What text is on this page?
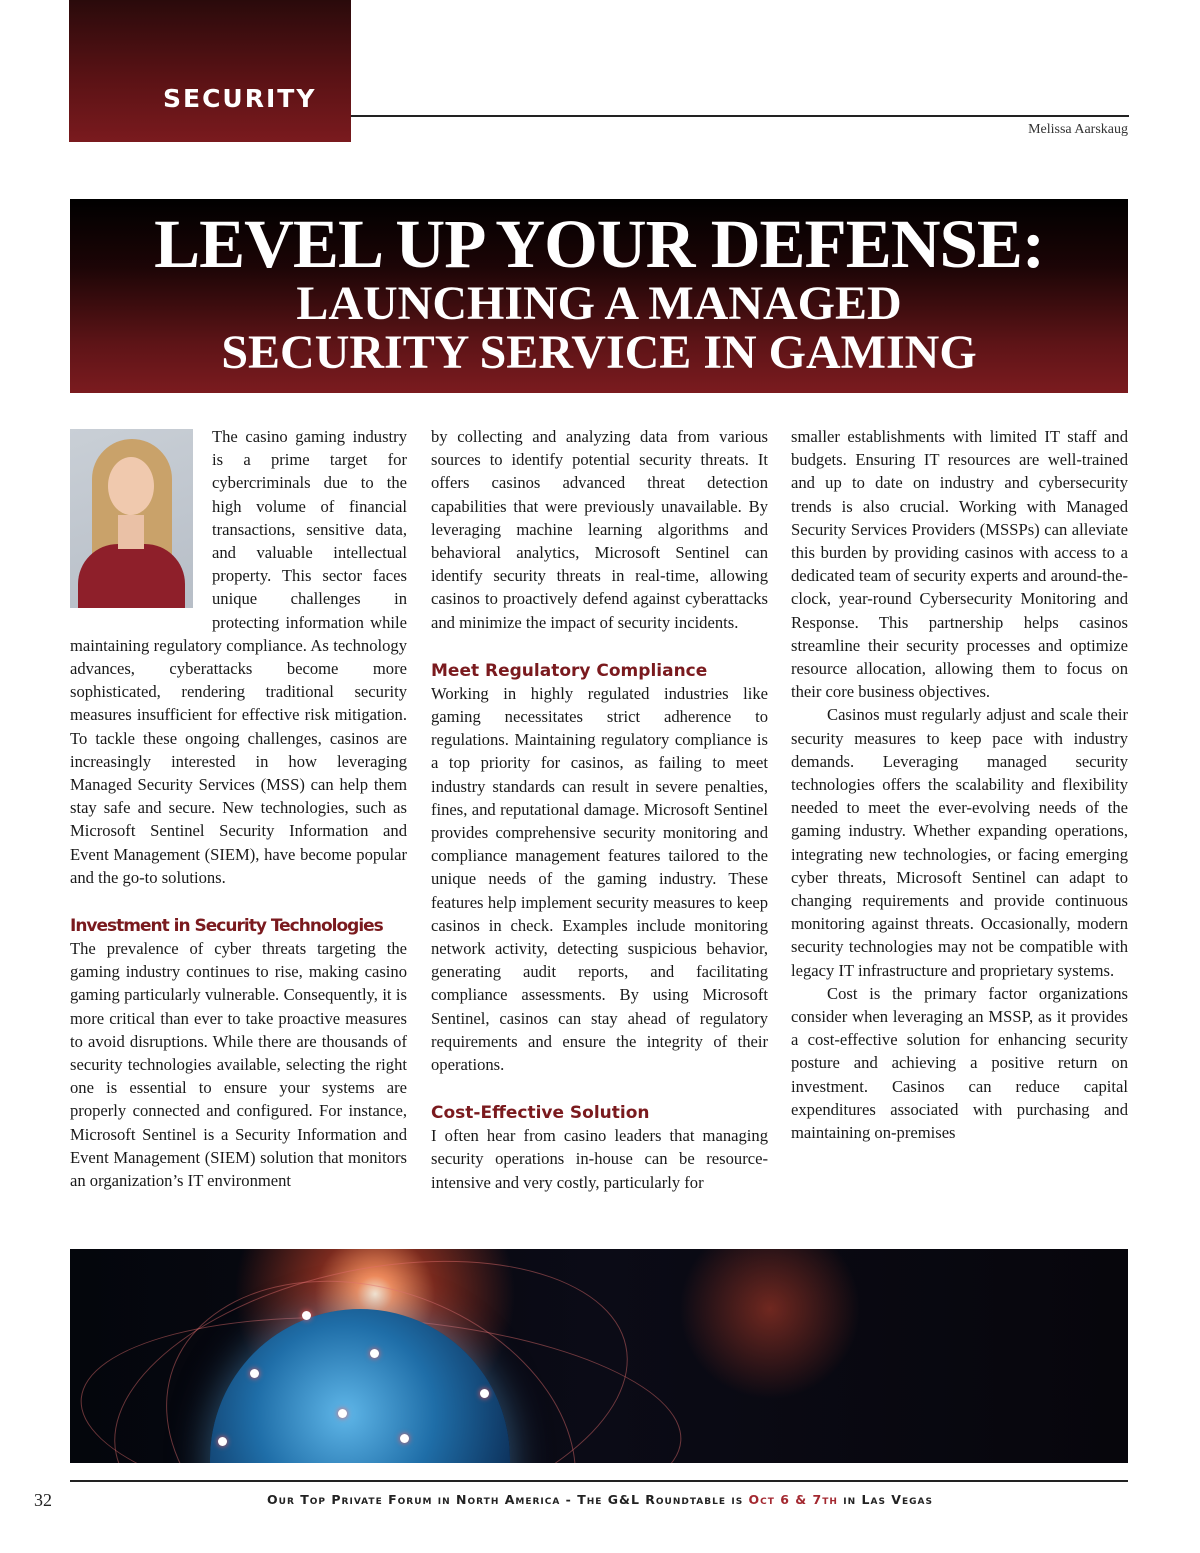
SECURITY
Melissa Aarskaug
LEVEL UP YOUR DEFENSE:
LAUNCHING A MANAGED
SECURITY SERVICE IN GAMING

The casino gaming industry is a prime target for cybercriminals due to the high volume of financial transactions, sensitive data, and valuable intellectual property. This sector faces unique challenges in protecting information while maintaining regulatory compliance. As technology advances, cyberattacks become more sophisticated, rendering traditional security measures insufficient for effective risk mitigation. To tackle these ongoing challenges, casinos are increasingly interested in how leveraging Managed Security Services (MSS) can help them stay safe and secure. New technologies, such as Microsoft Sentinel Security Information and Event Management (SIEM), have become popular and the go-to solutions.

Investment in Security Technologies

The prevalence of cyber threats targeting the gaming industry continues to rise, making casino gaming particularly vulnerable. Consequently, it is more critical than ever to take proactive measures to avoid disruptions. While there are thousands of security technologies available, selecting the right one is essential to ensure your systems are properly connected and configured. For instance, Microsoft Sentinel is a Security Information and Event Management (SIEM) solution that monitors an organization’s IT environment

by collecting and analyzing data from various sources to identify potential security threats. It offers casinos advanced threat detection capabilities that were previously unavailable. By leveraging machine learning algorithms and behavioral analytics, Microsoft Sentinel can identify security threats in real-time, allowing casinos to proactively defend against cyberattacks and minimize the impact of security incidents.

Meet Regulatory Compliance

Working in highly regulated industries like gaming necessitates strict adherence to regulations. Maintaining regulatory compliance is a top priority for casinos, as failing to meet industry standards can result in severe penalties, fines, and reputational damage. Microsoft Sentinel provides comprehensive security monitoring and compliance management features tailored to the unique needs of the gaming industry. These features help implement security measures to keep casinos in check. Examples include monitoring network activity, detecting suspicious behavior, generating audit reports, and facilitating compliance assessments. By using Microsoft Sentinel, casinos can stay ahead of regulatory requirements and ensure the integrity of their operations.

Cost-Effective Solution

I often hear from casino leaders that managing security operations in-house can be resource-intensive and very costly, particularly for

smaller establishments with limited IT staff and budgets. Ensuring IT resources are well-trained and up to date on industry and cybersecurity trends is also crucial. Working with Managed Security Services Providers (MSSPs) can alleviate this burden by providing casinos with access to a dedicated team of security experts and around-the-clock, year-round Cybersecurity Monitoring and Response. This partnership helps casinos streamline their security processes and optimize resource allocation, allowing them to focus on their core business objectives.

Casinos must regularly adjust and scale their security measures to keep pace with industry demands. Leveraging managed security technologies offers the scalability and flexibility needed to meet the ever-evolving needs of the gaming industry. Whether expanding operations, integrating new technologies, or facing emerging cyber threats, Microsoft Sentinel can adapt to changing requirements and provide continuous monitoring against threats. Occasionally, modern security technologies may not be compatible with legacy IT infrastructure and proprietary systems.

Cost is the primary factor organizations consider when leveraging an MSSP, as it provides a cost-effective solution for enhancing security posture and achieving a positive return on investment. Casinos can reduce capital expenditures associated with purchasing and maintaining on-premises

32	Our Top Private Forum in North America - The G&L Roundtable is Oct 6 & 7th in Las Vegas
